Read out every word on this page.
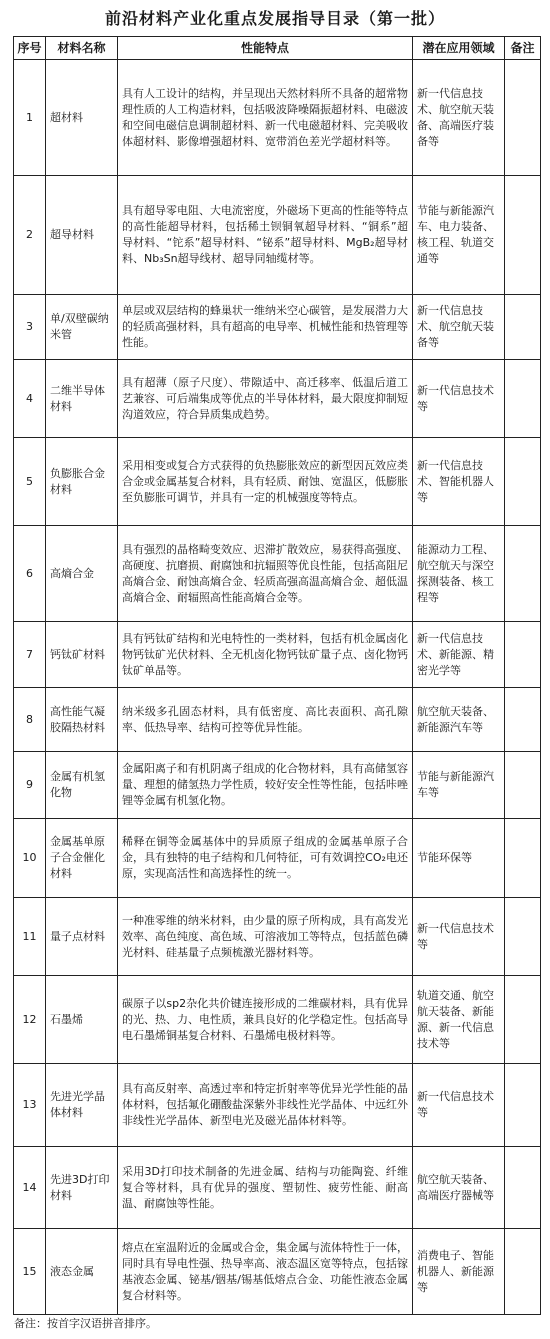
前沿材料产业化重点发展指导目录（第一批）
序号	材料名称	性能特点	潜在应用领域	备注
1	超材料	具有人工设计的结构，并呈现出天然材料所不具备的超常物理性质的人工构造材料，包括吸波降噪隔振超材料、电磁波和空间电磁信息调制超材料、新一代电磁超材料、完美吸收体超材料、影像增强超材料、宽带消色差光学超材料等。	新一代信息技术、航空航天装备、高端医疗装备等	
2	超导材料	具有超导零电阻、大电流密度，外磁场下更高的性能等特点的高性能超导材料，包括稀土钡铜氧超导材料、“铜系”超导材料、“铊系”超导材料、“铋系”超导材料、MgB₂超导材料、Nb₃Sn超导线材、超导同轴缆材等。	节能与新能源汽车、电力装备、核工程、轨道交通等	
3	单/双壁碳纳米管	单层或双层结构的蜂巢状一维纳米空心碳管，是发展潜力大的轻质高强材料，具有超高的电导率、机械性能和热管理等性能。	新一代信息技术、航空航天装备等	
4	二维半导体材料	具有超薄（原子尺度）、带隙适中、高迁移率、低温后道工艺兼容、可后端集成等优点的半导体材料，最大限度抑制短沟道效应，符合异质集成趋势。	新一代信息技术等	
5	负膨胀合金材料	采用相变或复合方式获得的负热膨胀效应的新型因瓦效应类合金或金属基复合材料，具有轻质、耐蚀、宽温区，低膨胀至负膨胀可调节，并具有一定的机械强度等特点。	新一代信息技术、智能机器人等	
6	高熵合金	具有强烈的晶格畸变效应、迟滞扩散效应，易获得高强度、高硬度、抗磨损、耐腐蚀和抗辐照等优良性能，包括高阻尼高熵合金、耐蚀高熵合金、轻质高强高温高熵合金、超低温高熵合金、耐辐照高性能高熵合金等。	能源动力工程、航空航天与深空探测装备、核工程等	
7	钙钛矿材料	具有钙钛矿结构和光电特性的一类材料，包括有机金属卤化物钙钛矿光伏材料、全无机卤化物钙钛矿量子点、卤化物钙钛矿单晶等。	新一代信息技术、新能源、精密光学等	
8	高性能气凝胶隔热材料	纳米级多孔固态材料，具有低密度、高比表面积、高孔隙率、低热导率、结构可控等优异性能。	航空航天装备、新能源汽车等	
9	金属有机氢化物	金属阳离子和有机阴离子组成的化合物材料，具有高储氢容量、理想的储氢热力学性质，较好安全性等性能，包括咔唑锂等金属有机氢化物。	节能与新能源汽车等	
10	金属基单原子合金催化材料	稀释在铜等金属基体中的异质原子组成的金属基单原子合金，具有独特的电子结构和几何特征，可有效调控CO₂电还原，实现高活性和高选择性的统一。	节能环保等	
11	量子点材料	一种准零维的纳米材料，由少量的原子所构成，具有高发光效率、高色纯度、高色域、可溶液加工等特点，包括蓝色磷光材料、硅基量子点频梳激光器材料等。	新一代信息技术等	
12	石墨烯	碳原子以sp2杂化共价键连接形成的二维碳材料，具有优异的光、热、力、电性质，兼具良好的化学稳定性。包括高导电石墨烯铜基复合材料、石墨烯电极材料等。	轨道交通、航空航天装备、新能源、新一代信息技术等	
13	先进光学晶体材料	具有高反射率、高透过率和特定折射率等优异光学性能的晶体材料，包括氟化硼酸盐深紫外非线性光学晶体、中远红外非线性光学晶体、新型电光及磁光晶体材料等。	新一代信息技术等	
14	先进3D打印材料	采用3D打印技术制备的先进金属、结构与功能陶瓷、纤维复合等材料，具有优异的强度、塑韧性、疲劳性能、耐高温、耐腐蚀等性能。	航空航天装备、高端医疗器械等	
15	液态金属	熔点在室温附近的金属或合金，集金属与流体特性于一体，同时具有导电性强、热导率高、液态温区宽等特点，包括镓基液态金属、铋基/铟基/锡基低熔点合金、功能性液态金属复合材料等。	消费电子、智能机器人、新能源等	
备注：按首字汉语拼音排序。
